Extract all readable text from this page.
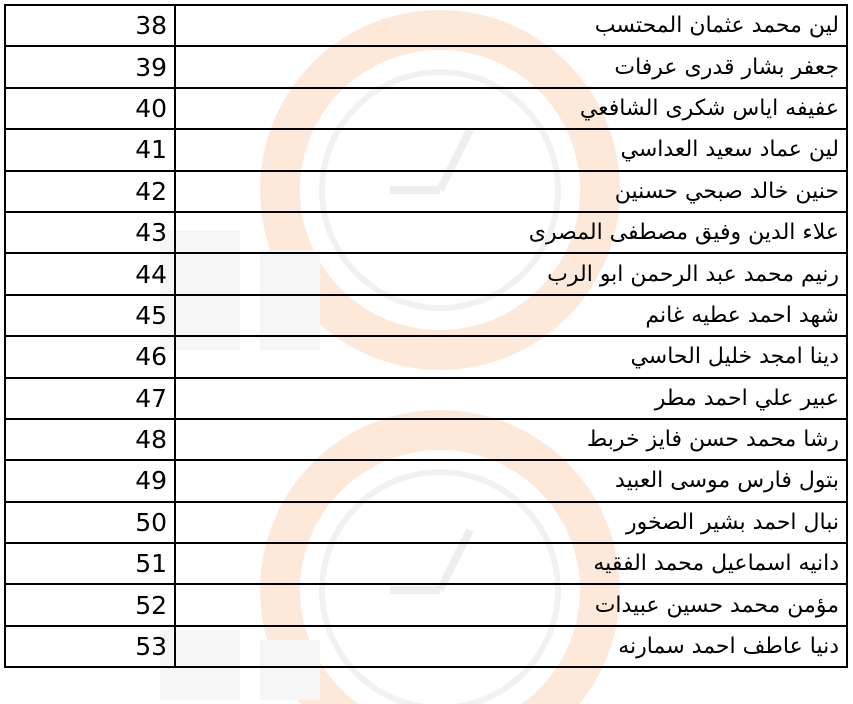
38	لين محمد عثمان المحتسب
39	جعفر بشار قدرى عرفات
40	عفيفه اياس شكرى الشافعي
41	لين عماد سعيد العداسي
42	حنين خالد صبحي حسنين
43	علاء الدين وفيق مصطفى المصرى
44	رنيم محمد عبد الرحمن ابو الرب
45	شهد احمد عطيه غانم
46	دينا امجد خليل الحاسي
47	عبير علي احمد مطر
48	رشا محمد حسن فايز خربط
49	بتول فارس موسى العبيد
50	نبال احمد بشير الصخور
51	دانيه اسماعيل محمد الفقيه
52	مؤمن محمد حسين عبيدات
53	دنيا عاطف احمد سمارنه
